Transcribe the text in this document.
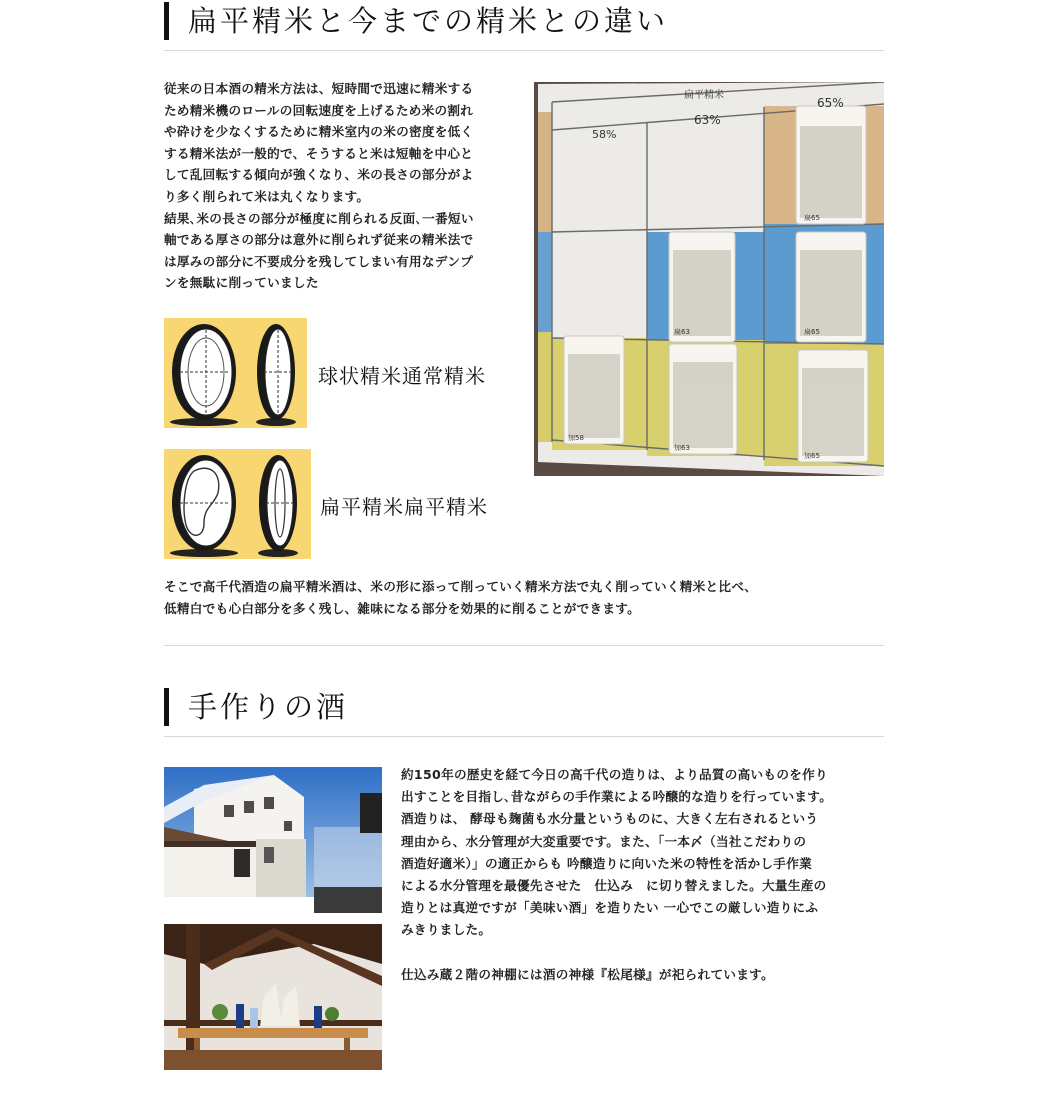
扁平精米と今までの精米との違い

従来の日本酒の精米方法は、短時間で迅速に精米する

ため精米機のロールの回転速度を上げるため米の割れ

や砕けを少なくするために精米室内の米の密度を低く

する精米法が一般的で、そうすると米は短軸を中心と

して乱回転する傾向が強くなり、米の長さの部分がよ

り多く削られて米は丸くなります。

結果､米の長さの部分が極度に削られる反面､一番短い

軸である厚さの部分は意外に削られず従来の精米法で

は厚みの部分に不要成分を残してしまい有用なデンプ

ンを無駄に削っていました

扁平精米
58%
63%
65%
扁65
扁63	扁65
加58
加63
加65
球状精米通常精米
扁平精米扁平精米

そこで高千代酒造の扁平精米酒は、米の形に添って削っていく精米方法で丸く削っていく精米と比べ、

低精白でも心白部分を多く残し、雑味になる部分を効果的に削ることができます。

手作りの酒

約150年の歴史を経て今日の高千代の造りは、より品質の高いものを作り

出すことを目指し､昔ながらの手作業による吟醸的な造りを行っています。

酒造りは、 酵母も麹菌も水分量というものに、大きく左右されるという

理由から、水分管理が大変重要です。また、「一本〆（当社こだわりの

酒造好適米）」の適正からも 吟醸造りに向いた米の特性を活かし手作業

による水分管理を最優先させた　仕込み　に切り替えました。大量生産の

造りとは真逆ですが「美味い酒」を造りたい 一心でこの厳しい造りにふ

みきりました。

仕込み蔵２階の神棚には酒の神様『松尾様』が祀られています。
